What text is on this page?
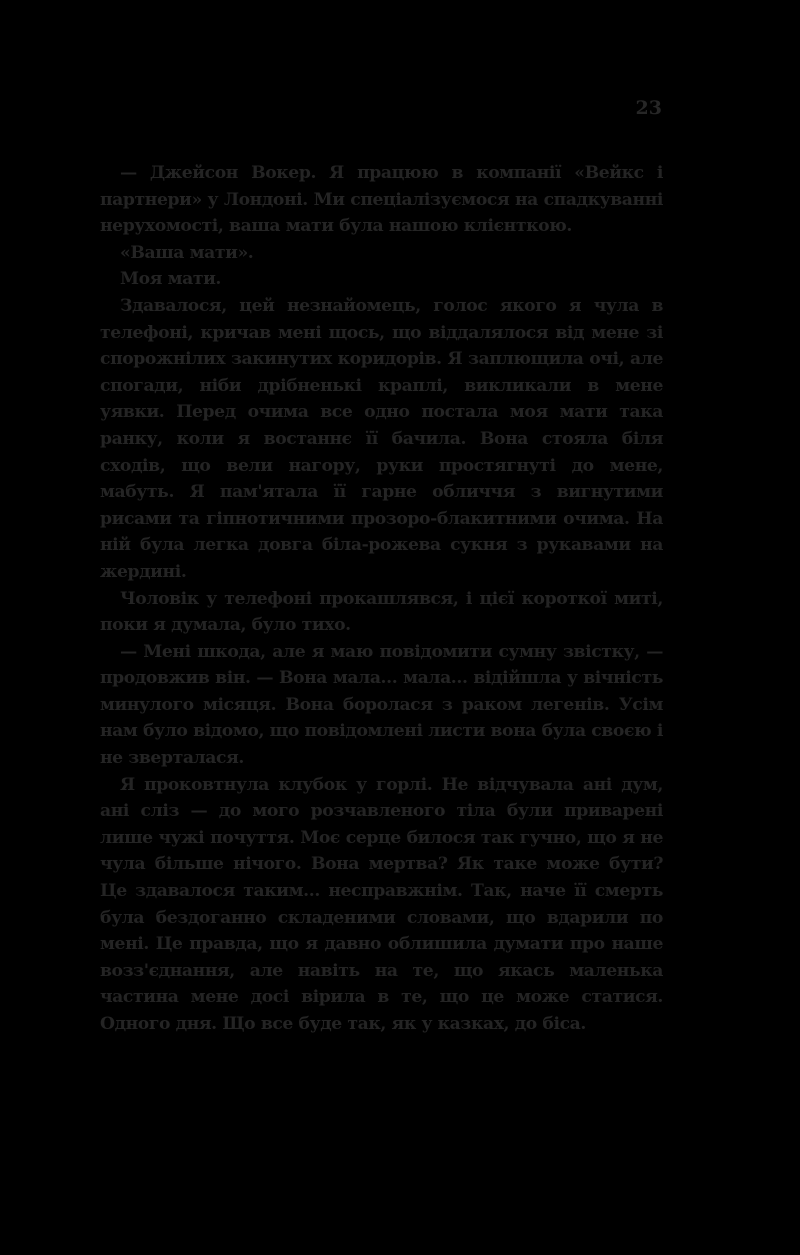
23

— Джейсон Вокер. Я працюю в компанії «Вейкс і партнери» у Лондоні. Ми спеціалізуємося на спадкуванні нерухомості, ваша мати була нашою клієнткою.

«Ваша мати».

Моя мати.

Здавалося, цей незнайомець, голос якого я чула в телефоні, кричав мені щось, що віддалялося від мене зі спорожнілих закинутих коридорів. Я заплющила очі, але спогади, ніби дрібненькі краплі, викликали в мене уявки. Перед очима все одно постала моя мати така ранку, коли я востаннє її бачила. Вона стояла біля сходів, що вели нагору, руки простягнуті до мене, мабуть. Я пам'ятала її гарне обличчя з вигнутими рисами та гіпнотичними прозоро-блакитними очима. На ній була легка довга біла-рожева сукня з рукавами на жердині.

Чоловік у телефоні прокашлявся, і цієї короткої миті, поки я думала, було тихо.

— Мені шкода, але я маю повідомити сумну звістку, — продовжив він. — Вона мала... мала... відійшла у вічність минулого місяця. Вона боролася з раком легенів. Усім нам було відомо, що повідомлені листи вона була своєю і не зверталася.

Я проковтнула клубок у горлі. Не відчувала ані дум, ані сліз — до мого розчавленого тіла були приварені лише чужі почуття. Моє серце билося так гучно, що я не чула більше нічого. Вона мертва? Як таке може бути? Це здавалося таким... несправжнім. Так, наче її смерть була бездоганно складеними словами, що вдарили по мені. Це правда, що я давно облишила думати про наше возз'єднання, але навіть на те, що якась маленька частина мене досі вірила в те, що це може статися. Одного дня. Що все буде так, як у казках, до біса.
